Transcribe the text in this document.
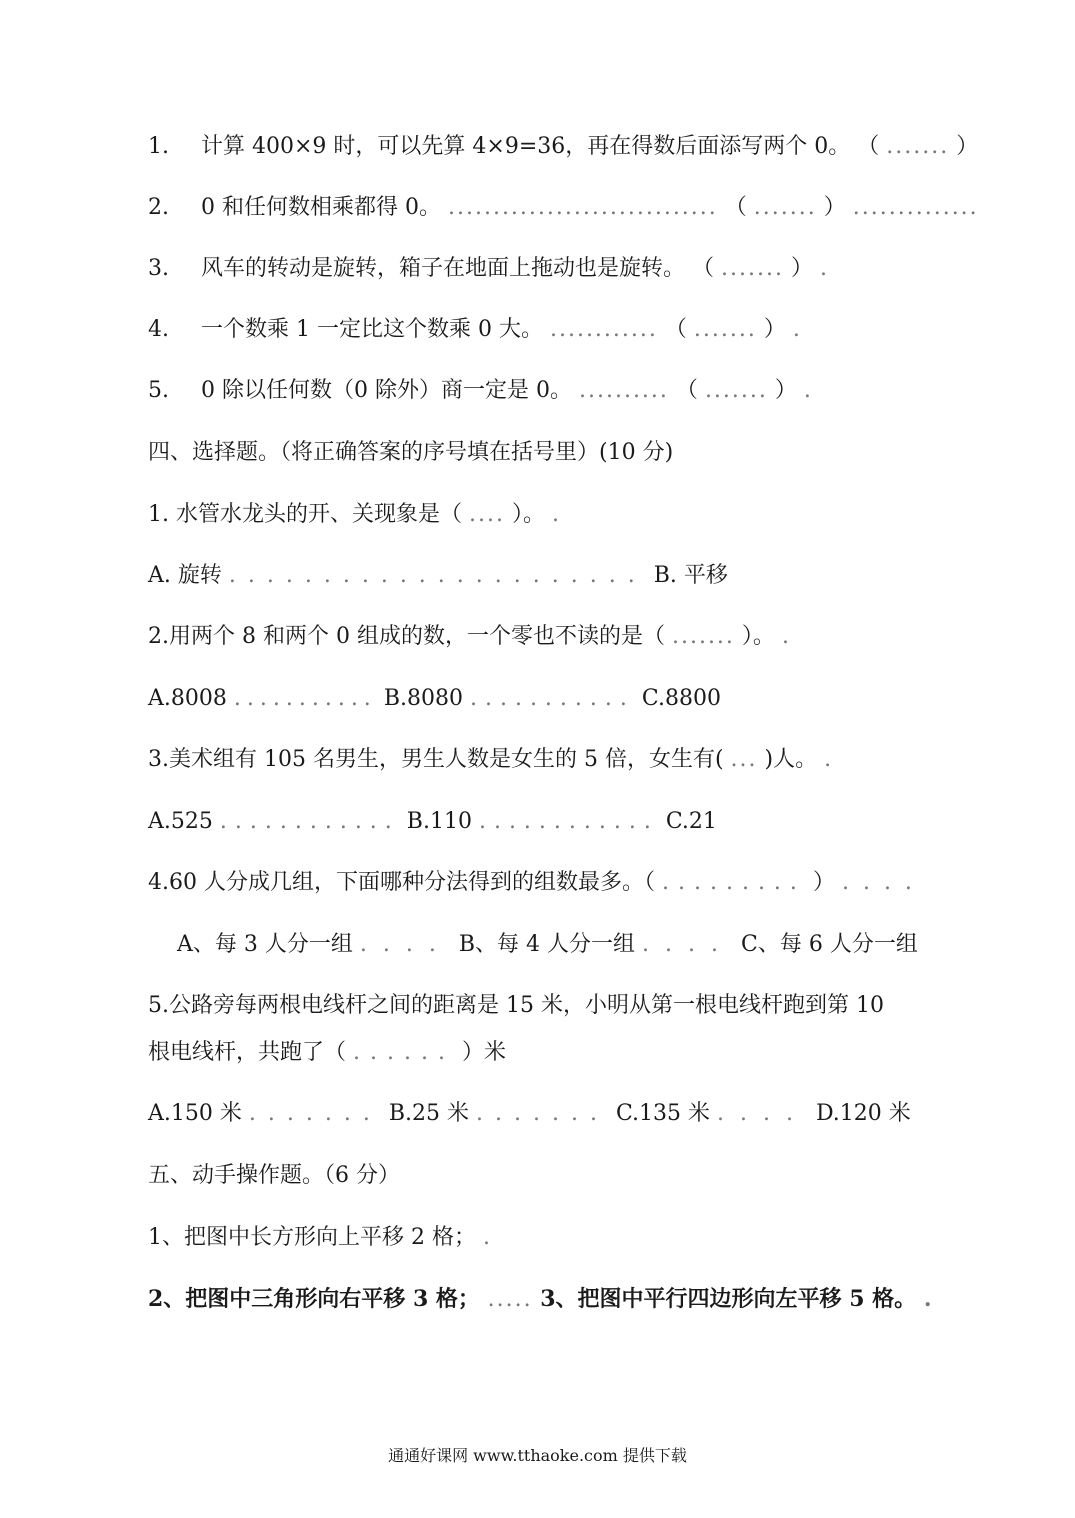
1. 计算 400×9 时，可以先算 4×9=36，再在得数后面添写两个 0。 （ ....... ）
2. 0 和任何数相乘都得 0。 .............................. （ ....... ） ..............
3. 风车的转动是旋转，箱子在地面上拖动也是旋转。 （ ....... ） .
4. 一个数乘 1 一定比这个数乘 0 大。 ............ （ ....... ） .
5. 0 除以任何数（0 除外）商一定是 0。 .......... （ ....... ） .
四、选择题。（将正确答案的序号填在括号里）(10 分)
1. 水管水龙头的开、关现象是（ .... ）。 .
A. 旋转 ...................... B. 平移
2.用两个 8 和两个 0 组成的数，一个零也不读的是（ ....... ）。 .
A.8008 ........... B.8080 ........... C.8800
3.美术组有 105 名男生，男生人数是女生的 5 倍，女生有( ... )人。 .
A.525 ............ B.110 ............ C.21
4.60 人分成几组，下面哪种分法得到的组数最多。（ ......... ） ....
A、每 3 人分一组 .... B、每 4 人分一组 .... C、每 6 人分一组
5.公路旁每两根电线杆之间的距离是 15 米，小明从第一根电线杆跑到第 10
根电线杆，共跑了（ ...... ）米
A.150 米 ....... B.25 米 ....... C.135 米 .... D.120 米
五、动手操作题。（6 分）
1、把图中长方形向上平移 2 格； .
2、把图中三角形向右平移 3 格； ..... 3、把图中平行四边形向左平移 5 格。 .
通通好课网 www.tthaoke.com 提供下载
